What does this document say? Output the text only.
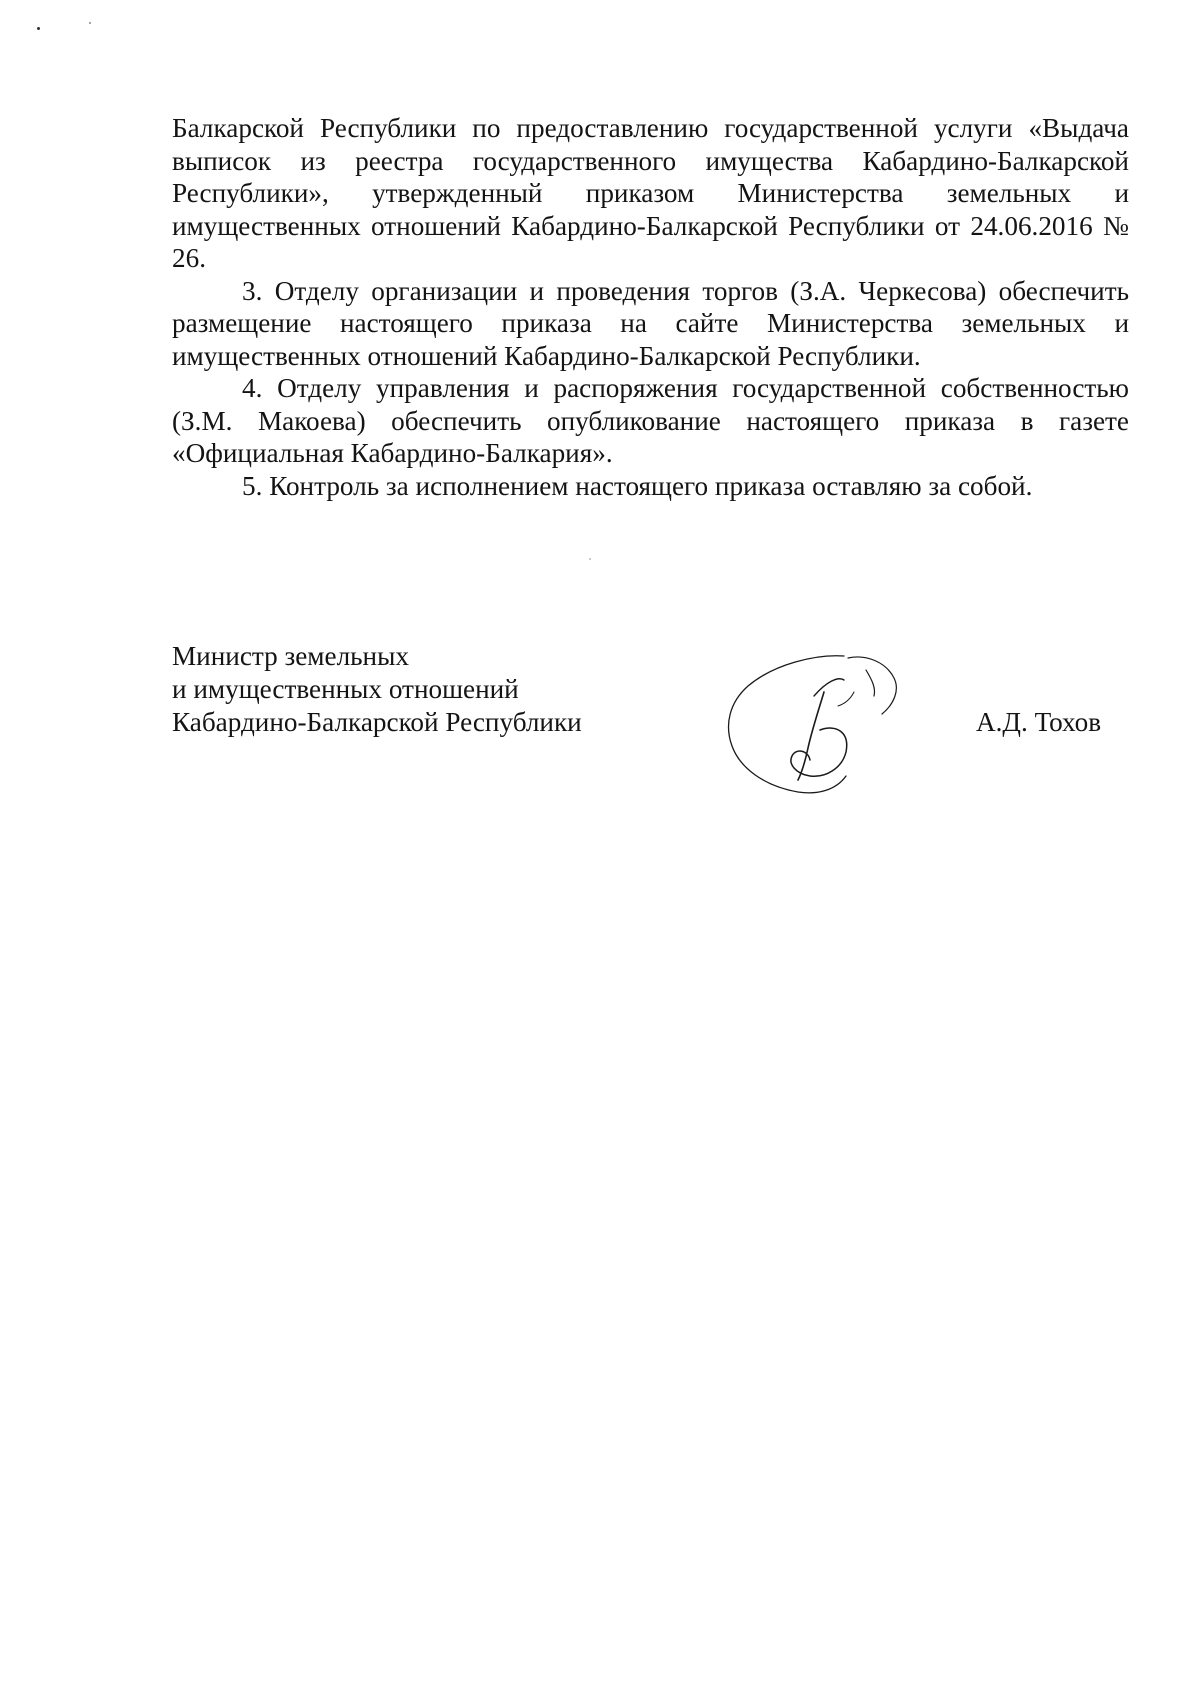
Балкарской Республики по предоставлению государственной услуги «Выдача выписок из реестра государственного имущества Кабардино-Балкарской Республики», утвержденный приказом Министерства земельных и имущественных отношений Кабардино-Балкарской Республики от 24.06.2016 № 26.

3. Отделу организации и проведения торгов (З.А. Черкесова) обеспечить размещение настоящего приказа на сайте Министерства земельных и имущественных отношений Кабардино-Балкарской Республики.

4. Отделу управления и распоряжения государственной собственностью (З.М. Макоева) обеспечить опубликование настоящего приказа в газете «Официальная Кабардино-Балкария».

5. Контроль за исполнением настоящего приказа оставляю за собой.

Министр земельных
и имущественных отношений
Кабардино-Балкарской Республики	А.Д. Тохов
